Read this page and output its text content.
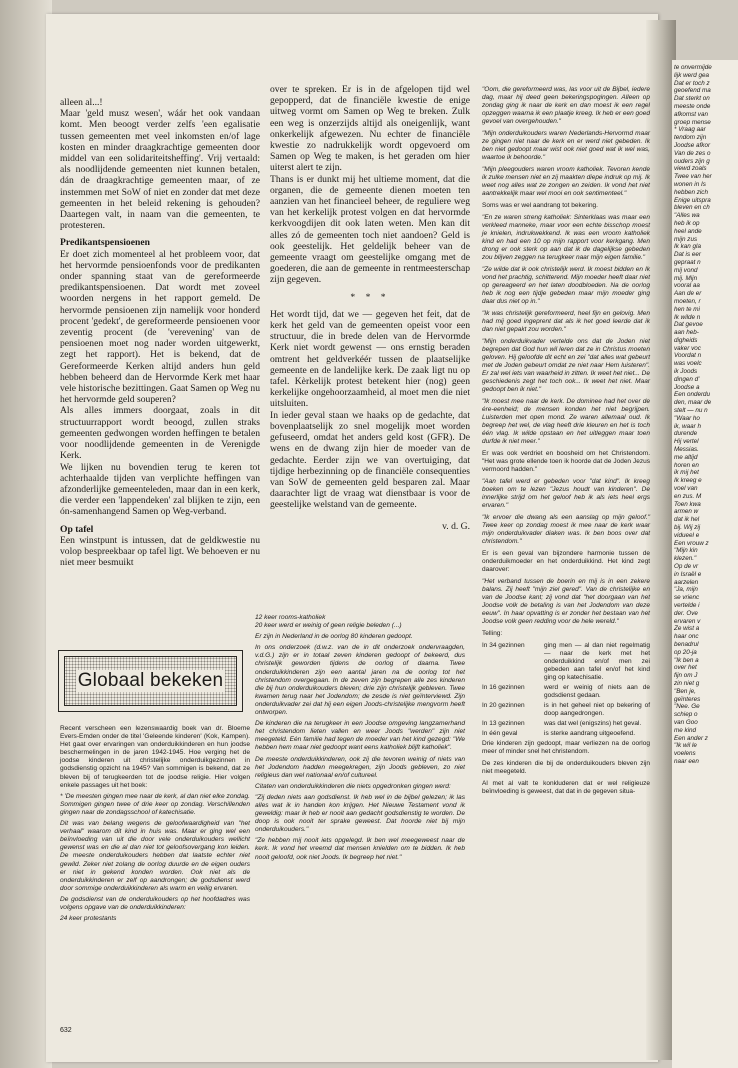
te onvermijde
lijk werd gea
Dat er toch z
geoefend ma
Dat sterkt on
meeste onde
afkomst van
groep mense
* Vraag aar
tendom zijn
Joodse afkor
Van de zes o
ouders zijn g
viewd zoals
Twee van her
wonen in Is
hebben zich
Enige uitspra
bleven en ch
"Alles wa
heb ik op
heel ande
mijn zus
Ik kan gla
Dat is eer
gepraat n
mij vond
mij. Mijn
vooral aa
Aan de er
moeten, r
hen te mi
Ik wilde n
Dat gevoe
aan heb-
digheids
vaker voc
Voordat n
was voelc
ik Joods
dingen d'
Joodse a
Een onderdu
den, maar de
stelt — nu n
"Waar ho
ik, waar h
durende
Hij vertel
Messias.
me altijd
horen en
ik mij het
Ik kreeg e
voel van
en zus. M
Toen kwa
armen w
dat ik hel
bij. Wij zij
vidueel e
Een vrouw z
"Mijn kin
klezen."
Op de vr
in Israël e
aarzelen
"Ja, mijn
se vrienc
vertelde i
der. Ove
ervaren v
Ze wist a
haar onc
benadrul
op 20-ja
"Ik ben a
over het
fijn om J
zin niet g
"Ben je,
geïnteres
"Nee. Ge
schiep o
van Goo
me kind
Een ander z
"Ik wil le
voelens
naar een

alleen al...!

Maar 'geld musz wesen', wáár het ook vandaan komt. Men beoogt verder zelfs 'een egalisatie tussen gemeenten met veel inkomsten en/of lage kosten en minder draagkrachtige gemeenten door middel van een solidariteitsheffing'. Vrij vertaald: als noodlijdende gemeenten niet kunnen betalen, dán de draagkrachtige gemeenten maar, of ze instemmen met SoW of niet en zonder dat met deze gemeenten in het beleid rekening is gehouden? Daartegen valt, in naam van die gemeenten, te protesteren.

Predikantspensioenen

Er doet zich momenteel al het probleem voor, dat het hervormde pensioenfonds voor de predikanten onder spanning staat van de gereformeerde predikantspensioenen. Dat wordt met zoveel woorden nergens in het rapport gemeld. De hervormde pensioenen zijn namelijk voor honderd procent 'gedekt', de gereformeerde pensioenen voor zeventig procent (de 'verevening' van de pensioenen moet nog nader worden uitgewerkt, zegt het rapport). Het is bekend, dat de Gereformeerde Kerken altijd anders hun geld hebben beheerd dan de Hervormde Kerk met haar vele historische bezittingen. Gaat Samen op Weg nu het hervormde geld souperen?

Als alles immers doorgaat, zoals in dit structuurrapport wordt beoogd, zullen straks gemeenten gedwongen worden heffingen te betalen voor noodlijdende gemeenten in de Verenigde Kerk.

We lijken nu bovendien terug te keren tot achterhaalde tijden van verplichte heffingen van afzonderlijke gemeenteleden, maar dan in een kerk, die verder een 'lappendeken' zal blijken te zijn, een ón-samenhangend Samen op Weg-verband.

Op tafel

Een winstpunt is intussen, dat de geldkwestie nu volop bespreekbaar op tafel ligt. We behoeven er nu niet meer besmuikt

over te spreken. Er is in de afgelopen tijd wel gepopperd, dat de financiële kwestie de enige uitweg vormt om Samen op Weg te breken. Zulk een weg is onzerzijds altijd als oneigenlijk, want onkerkelijk afgewezen. Nu echter de financiële kwestie zo nadrukkelijk wordt opgevoerd om Samen op Weg te maken, is het geraden om hier uiterst alert te zijn.

Thans is er dunkt mij het ultieme moment, dat die organen, die de gemeente dienen moeten ten aanzien van het financieel beheer, de reguliere weg van het kerkelijk protest volgen en dat hervormde kerkvoogdijen dit ook laten weten. Men kan dit alles zó de gemeenten toch niet aandoen? Geld is ook geestelijk. Het geldelijk beheer van de gemeente vraagt om geestelijke omgang met de goederen, die aan de gemeente in rentmeesterschap zijn gegeven.

* * *

Het wordt tijd, dat we — gegeven het feit, dat de kerk het geld van de gemeenten opeist voor een structuur, die in brede delen van de Hervormde Kerk niet wordt gewenst — ons ernstig beraden omtrent het geldverkéér tussen de plaatselijke gemeente en de landelijke kerk. De zaak ligt nu op tafel. Kèrkelijk protest betekent hier (nog) geen kerkelijke ongehoorzaamheid, al moet men die niet uitsluiten.

In ieder geval staan we haaks op de gedachte, dat bovenplaatselijk zo snel mogelijk moet worden gefuseerd, omdat het anders geld kost (GFR). De wens en de dwang zijn hier de moeder van de gedachte. Eerder zijn we van overtuiging, dat tijdige herbezinning op de financiële consequenties van SoW de gemeenten geld besparen zal. Maar daarachter ligt de vraag wat dienstbaar is voor de geestelijke welstand van de gemeente.

v. d. G.

"Oom, die gereformeerd was, las voor uit de Bijbel, iedere dag, maar hij deed geen bekeringspogingen. Alleen op zondag ging ik naar de kerk en dan moest ik een regel opzeggen waarna ik een plaatje kreeg. Ik heb er een goed gevoel van overgehouden."

"Mijn onderduikouders waren Nederlands-Hervormd maar ze gingen niet naar de kerk en er werd niet gebeden. Ik ben niet gedoopt maar wist ook niet goed wat ik wel was, waartoe ik behoorde."

"Mijn pleegouders waren vroom katholiek. Tevoren kende ik zulke mensen niet en zij maakten diepe indruk op mij. Ik weet nog alles wat ze zongen en zeiden. Ik vond het niet aantrekkelijk maar wel mooi en ook sentimenteel."

Soms was er wel aandrang tot bekering.

"En ze waren streng katholiek: Sinterklaas was maar een verkleed manneke, maar voor een echte bisschop moest je knielen, indrukwekkend. Ik was een vroom katholiek kind en had een 10 op mijn rapport voor kerkgang. Men drong er ook sterk op aan dat ik de dagelijkse gebeden zou blijven zeggen na terugkeer naar mijn eigen familie."

"Ze wilde dat ik ook christelijk werd. Ik moest bidden en Ik vond het prachtig, schitterend. Mijn moeder heeft daar niet op gereageerd en het laten doodbloeden. Na de oorlog heb ik nog een tijdje gebeden maar mijn moeder ging daar dus niet op in."

"Ik was christelijk gereformeerd, heel fijn en gelovig. Men had mij goed ingeprent dat als ik het goed leerde dat ik dan niet gepakt zou worden."

"Mijn onderduikvader vertelde ons dat de Joden niet begrepen dat God hun wil leren dat ze in Christus moeten geloven. Hij geloofde dit echt en zei "dat alles wat gebeurt met de Joden gebeurt omdat ze niet naar Hem luisteren". Er zal wel iets van waarheid in zitten. Ik weet het niet... De geschiedenis zegt het toch ook... Ik weet het niet. Maar gedoopt ben ik niet."

"Ik moest mee naar de kerk. De dominee had het over de ére-eenheid; de mensen konden het niet begrijpen. Luisterden met open mond. Ze waren allemaal oud. Ik begreep het wel, de vlag heeft drie kleuren en het is toch één vlag. Ik wilde opstaan en het uitleggen maar toen durfde ik niet meer."

Er was ook verdriet en boosheid om het Christendom. "Het was grote ellende toen ik hoorde dat de Joden Jezus vermoord hadden."

"Aan tafel werd er gebeden voor "dat kind". Ik kreeg boeken om te lezen "Jezus houdt van kinderen". De innerlijke strijd om het geloof heb ik als iets heel ergs ervaren."

"Ik ervoer die dwang als een aanslag op mijn geloof." Twee keer op zondag moest ik mee naar de kerk waar mijn onderduikvader diaken was. Ik ben boos over dat christendom."

Er is een geval van bijzondere harmonie tussen de onderduikmoeder en het onderduikkind. Het kind zegt daarover:

"Het verband tussen de boerin en mij is in een zekere balans. Zij heeft "mijn ziel gered". Van de christelijke en van de Joodse kant; zij vond dat "het doorgaan van het Joodse volk de betaling is van het Jodendom van deze eeuw". In haar opvatting is er zonder het bestaan van het Joodse volk geen redding voor de hele wereld."

Telling:

In 34 gezinnen	ging men — al dan niet regelmatig — naar de kerk met het onderduikkind en/of men zei gebeden aan tafel en/of het kind ging op katechisatie.
In 16 gezinnen	werd er weinig of niets aan de godsdienst gedaan.
In 20 gezinnen	is in het geheel niet op bekering of doop aangedrongen.
In 13 gezinnen	was dat wel (enigszins) het geval.
In één geval	is sterke aandrang uitgeoefend.

Drie kinderen zijn gedoopt, maar verliezen na de oorlog meer of minder snel het christendom.

De zes kinderen die bij de onderduikouders bleven zijn niet meegeteld.

Al met al valt te konkluderen dat er wel religieuze beïnvloeding is geweest, dat dat in de gegeven situa-

Globaal bekeken

Recent verscheen een lezenswaardig boek van dr. Bloeme Evers-Emden onder de titel 'Geleende kinderen' (Kok, Kampen). Het gaat over ervaringen van onderduikkinderen en hun joodse beschermelingen in de jaren 1942-1945. Hoe verging het de joodse kinderen uit christelijke onderduikgezinnen in godsdienstig opzicht na 1945? Van sommigen is bekend, dat ze bleven bij of terugkeerden tot de joodse religie. Hier volgen enkele passages uit het boek:

* 'De meesten gingen mee naar de kerk, al dan niet elke zondag. Sommigen gingen twee of drie keer op zondag. Verschillenden gingen naar de zondagsschool of katechisatie.

Dit was van belang wegens de geloofwaardigheid van "het verhaal" waarom dit kind in huis was. Maar er ging wel een beïnvloeding van uit die door vele onderduikouders wellicht gewenst was en die al dan niet tot geloofsovergang kon leiden. De meeste onderduikouders hebben dat laatste echter niet gewild. Zeker niet zolang de oorlog duurde en de eigen ouders er niet in gekend konden worden. Ook niet als de onderduikkinderen er zelf op aandrongen; de godsdienst werd door sommige onderduikkinderen als warm en veilig ervaren.

De godsdienst van de onderduikouders op het hoofdadres was volgens opgave van de onderduikkinderen:

24 keer protestants

12 keer rooms-katholiek

20 keer werd er weinig of geen religie beleden (...)

Er zijn in Nederland in de oorlog 80 kinderen gedoopt.

In ons onderzoek (d.w.z. van de in dit onderzoek ondervraagden, v.d.G.) zijn er in totaal zeven kinderen gedoopt of bekeerd, dus christelijk geworden tijdens de oorlog of daarna. Twee onderduikkinderen zijn een aantal jaren na de oorlog tot het christendom overgegaan. In de zeven zijn begrepen alle zes kinderen die bij hun onderduikouders bleven; drie zijn christelijk gebleven. Twee kwamen terug naar het Jodendom; de zesde is niet geïnterviewd. Zijn onderduikvader zei dat hij een eigen Joods-christelijke mengvorm heeft ontworpen.

De kinderen die na terugkeer in een Joodse omgeving langzamerhand het christendom lieten vallen en weer Joods "werden" zijn niet meegeteld. Eén familie had tegen de moeder van het kind gezegd: "We hebben hem maar niet gedoopt want eens katholiek blijft katholiek".

De meeste onderduikkinderen, ook zij die tevoren weinig of niets van het Jodendom hadden meegekregen, zijn Joods gebleven, zo niet religieus dan wel nationaal en/of cultureel.

Citaten van onderduikkinderen die niets opgedronken gingen werd:

"Zij deden niets aan godsdienst. Ik heb wel in de bijbel gelezen; ik las alles wat ik in handen kon krijgen. Het Nieuwe Testament vond ik geweldig: maar ik heb er nooit aan gedacht godsdienstig te worden. De doop is ook nooit ter sprake geweest. Dat hoorde niet bij mijn onderduikouders."

"Ze hebben mij nooit iets opgelegd. Ik ben wel meegeweest naar de kerk. Ik vond het vreemd dat mensen knielden om te bidden. Ik heb nooit geloofd, ook niet Joods. Ik begreep het niet."

632
